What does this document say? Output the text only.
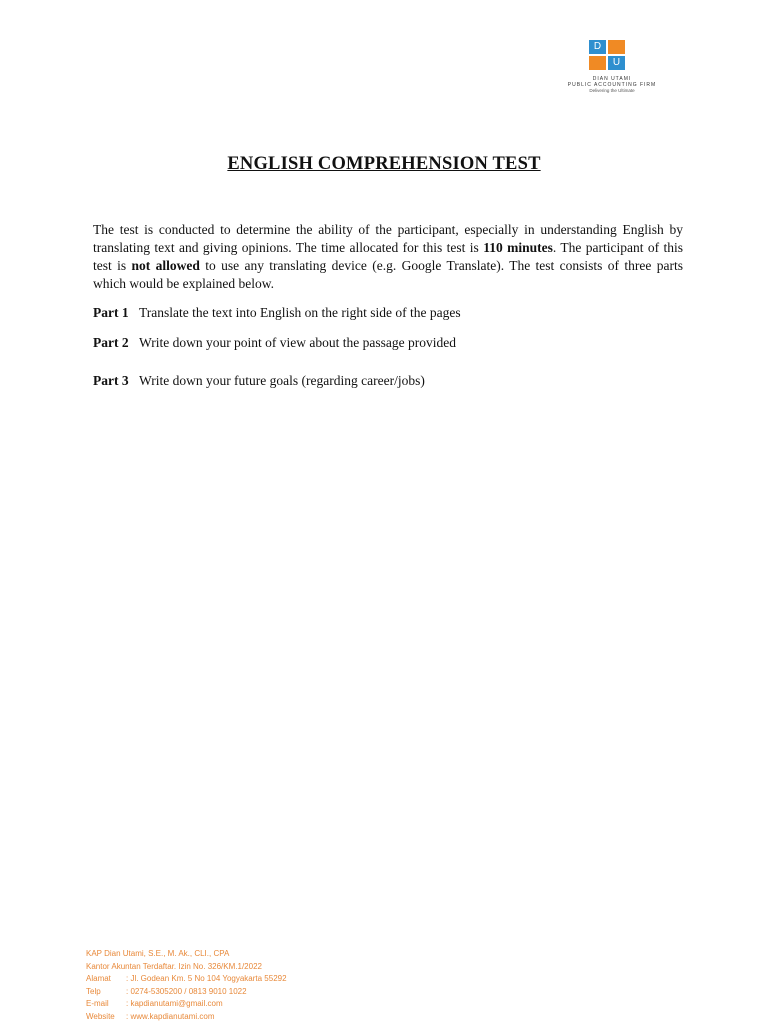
D
U
DIAN UTAMI
PUBLIC ACCOUNTING FIRM
Delivering the Ultimate
ENGLISH COMPREHENSION TEST

The test is conducted to determine the ability of the participant, especially in understanding English by translating text and giving opinions. The time allocated for this test is 110 minutes. The participant of this test is not allowed to use any translating device (e.g. Google Translate). The test consists of three parts which would be explained below.

Part 1 Translate the text into English on the right side of the pages
Part 2 Write down your point of view about the passage provided
Part 3 Write down your future goals (regarding career/jobs)
KAP Dian Utami, S.E., M. Ak., CLI., CPA
Kantor Akuntan Terdaftar. Izin No. 326/KM.1/2022
Alamat : Jl. Godean Km. 5 No 104 Yogyakarta 55292
Telp	: 0274-5305200 / 0813 9010 1022
E-mail : kapdianutami@gmail.com
Website : www.kapdianutami.com
